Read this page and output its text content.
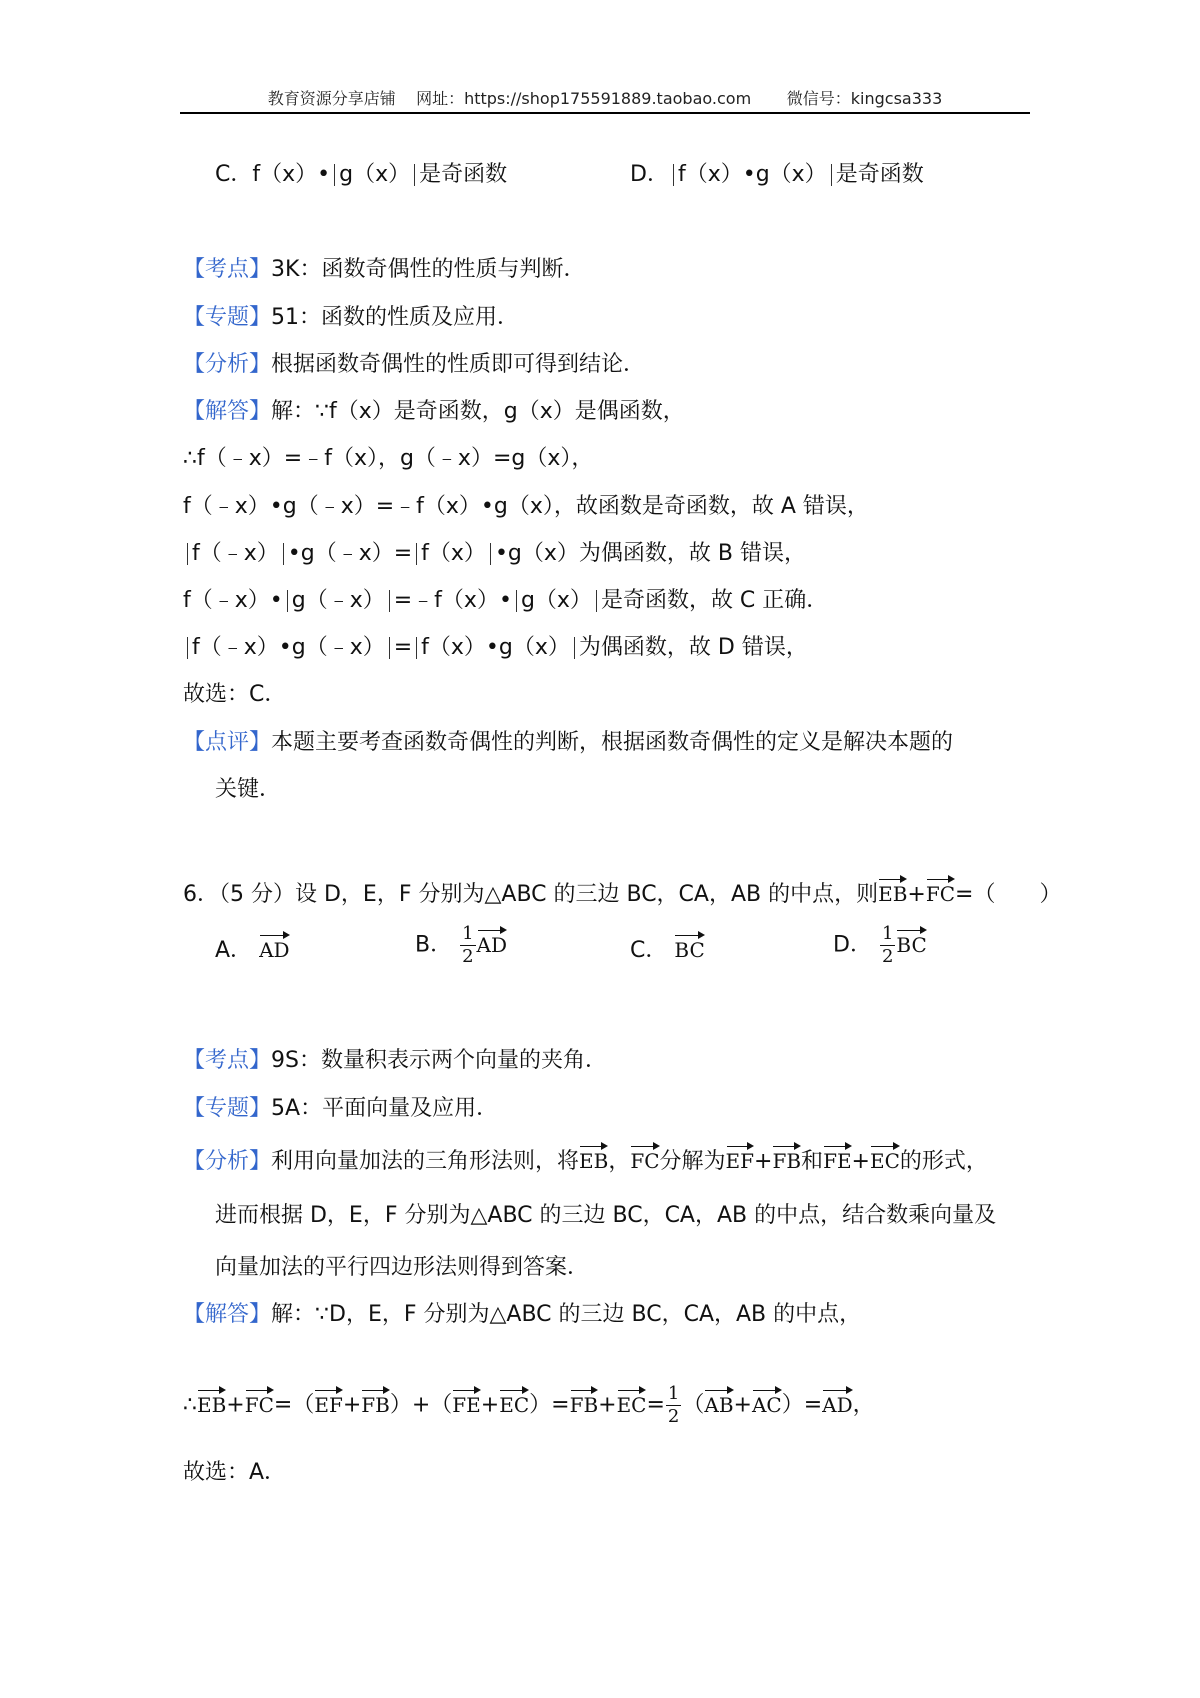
教育资源分享店铺 网址：https://shop175591889.taobao.com 微信号：kingcsa333
C．f（x）• g（x） 是奇函数	D． f（x）•g（x） 是奇函数
【考点】3K：函数奇偶性的性质与判断．
【专题】51：函数的性质及应用．
【分析】根据函数奇偶性的性质即可得到结论．
【解答】解：∵f（x）是奇函数，g（x）是偶函数，
∴f（﹣x）=﹣f（x），g（﹣x）=g（x），
f（﹣x）•g（﹣x）=﹣f（x）•g（x），故函数是奇函数，故 A 错误，
f（﹣x） •g（﹣x）= f（x） •g（x）为偶函数，故 B 错误，
f（﹣x）• g（﹣x） =﹣f（x）• g（x） 是奇函数，故 C 正确．
f（﹣x）•g（﹣x） = f（x）•g（x） 为偶函数，故 D 错误，
故选：C．
【点评】本题主要考查函数奇偶性的判断，根据函数奇偶性的定义是解决本题的
关键．
6．（5 分）设 D，E，F 分别为△ABC 的三边 BC，CA，AB 的中点，则EB+FC=（　　）
A． AD	B． $\frac{1}{2}$ AD	C． BC	D． $\frac{1}{2}$ BC
【考点】9S：数量积表示两个向量的夹角．
【专题】5A：平面向量及应用．
【分析】利用向量加法的三角形法则，将EB，FC分解为EF+FB和FE+EC的形式，
进而根据 D，E，F 分别为△ABC 的三边 BC，CA，AB 的中点，结合数乘向量及
向量加法的平行四边形法则得到答案．
【解答】解：∵D，E，F 分别为△ABC 的三边 BC，CA，AB 的中点，
∴EB+FC=（EF+FB）+（FE+EC）=FB+EC= $\frac{1}{2} (AB+AC)=AD$，
故选：A．
